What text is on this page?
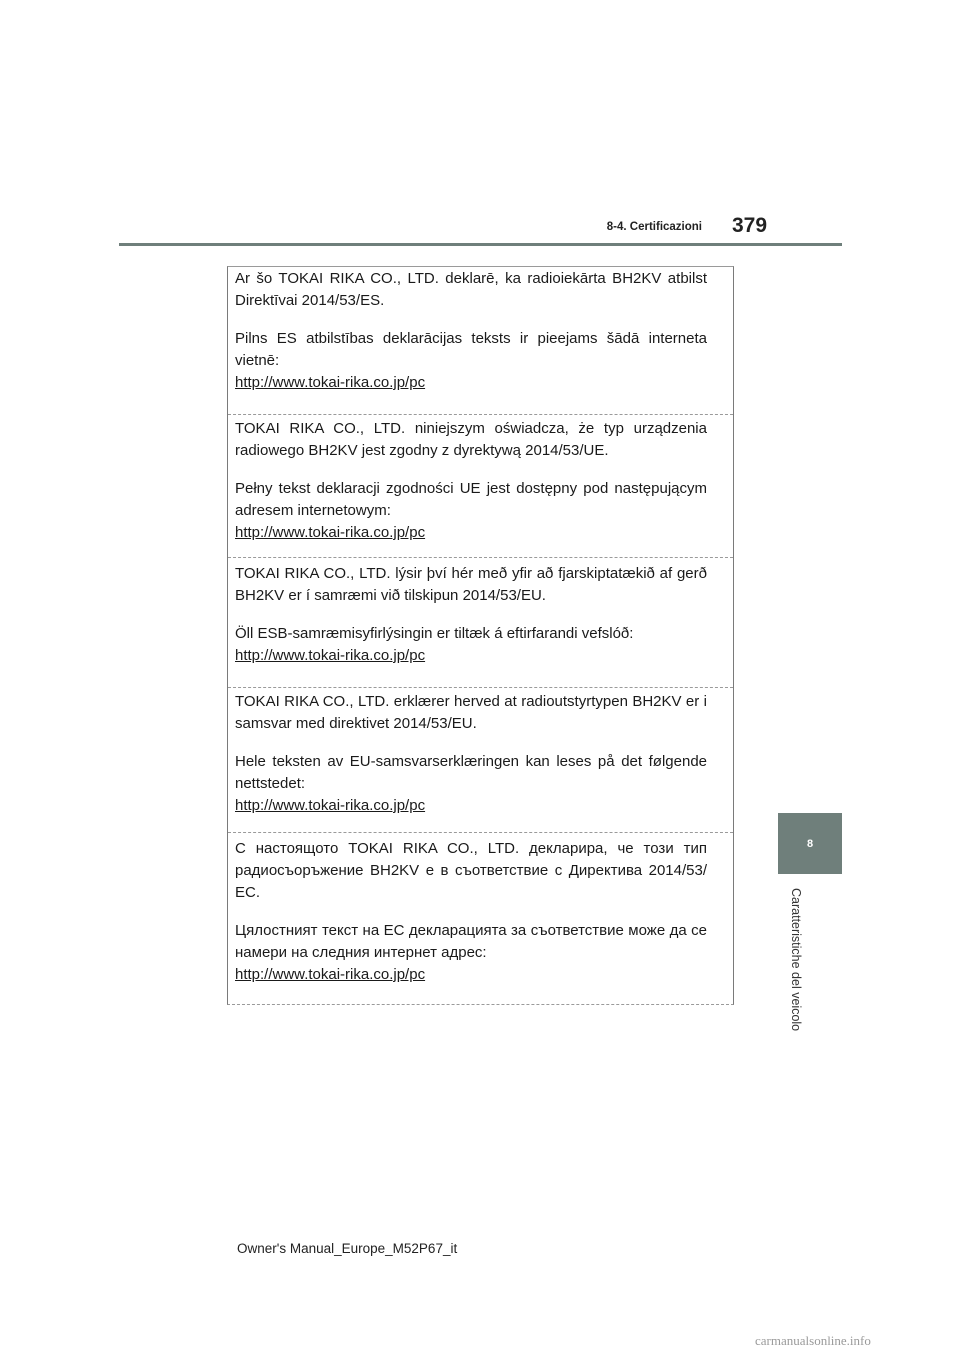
8-4. Certificazioni 379
8
Caratteristiche del veicolo

Ar šo TOKAI RIKA CO., LTD. deklarē, ka radioiekārta BH2KV atbilst Direktīvai 2014/53/ES.

Pilns ES atbilstības deklarācijas teksts ir pieejams šādā interneta vietnē:

http://www.tokai-rika.co.jp/pc

TOKAI RIKA CO., LTD. niniejszym oświadcza, że typ urządzenia radiowego BH2KV jest zgodny z dyrektywą 2014/53/UE.

Pełny tekst deklaracji zgodności UE jest dostępny pod następującym adresem internetowym:

http://www.tokai-rika.co.jp/pc

TOKAI RIKA CO., LTD. lýsir því hér með yfir að fjarskiptatækið af gerð BH2KV er í samræmi við tilskipun 2014/53/EU.

Öll ESB-samræmisyfirlýsingin er tiltæk á eftirfarandi vefslóð:

http://www.tokai-rika.co.jp/pc

TOKAI RIKA CO., LTD. erklærer herved at radioutstyrtypen BH2KV er i samsvar med direktivet 2014/53/EU.

Hele teksten av EU-samsvarserklæringen kan leses på det følgende nettstedet:

http://www.tokai-rika.co.jp/pc

С настоящото TOKAI RIKA CO., LTD. декларира, че този тип радиосъоръжение BH2KV е в съответствие с Директива 2014/53/ЕС.

Цялостният текст на ЕС декларацията за съответствие може да се намери на следния интернет адрес:

http://www.tokai-rika.co.jp/pc
Owner's Manual_Europe_M52P67_it
carmanualsonline.info
